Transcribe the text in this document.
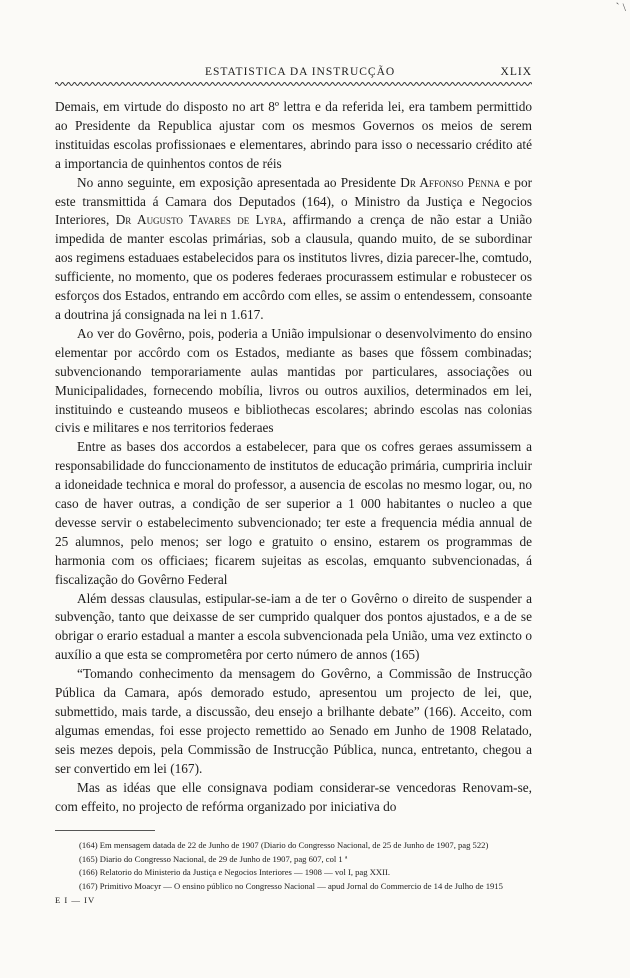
` \
ESTATISTICA DA INSTRUCÇÃO	XLIX

Demais, em virtude do disposto no art 8º lettra e da referida lei, era tambem permittido ao Presidente da Republica ajustar com os mesmos Governos os meios de serem instituidas escolas profissionaes e elementares, abrindo para isso o necessario crédito até a importancia de quinhentos contos de réis

No anno seguinte, em exposição apresentada ao Presidente Dr Affonso Penna e por este transmittida á Camara dos Deputados (164), o Ministro da Justiça e Negocios Interiores, Dr Augusto Tavares de Lyra, affirmando a crença de não estar a União impedida de manter escolas primárias, sob a clausula, quando muito, de se subordinar aos regimens estaduaes estabelecidos para os institutos livres, dizia parecer-lhe, comtudo, sufficiente, no momento, que os poderes federaes procurassem estimular e robustecer os esforços dos Estados, entrando em accôrdo com elles, se assim o entendessem, consoante a doutrina já consignada na lei n 1.617.

Ao ver do Govêrno, pois, poderia a União impulsionar o desenvolvimento do ensino elementar por accôrdo com os Estados, mediante as bases que fôssem combinadas; subvencionando temporariamente aulas mantidas por particulares, associações ou Municipalidades, fornecendo mobília, livros ou outros auxilios, determinados em lei, instituindo e custeando museos e bibliothecas escolares; abrindo escolas nas colonias civis e militares e nos territorios federaes

Entre as bases dos accordos a estabelecer, para que os cofres geraes assumissem a responsabilidade do funccionamento de institutos de educação primária, cumpriria incluir a idoneidade technica e moral do professor, a ausencia de escolas no mesmo logar, ou, no caso de haver outras, a condição de ser superior a 1 000 habitantes o nucleo a que devesse servir o estabelecimento subvencionado; ter este a frequencia média annual de 25 alumnos, pelo menos; ser logo e gratuito o ensino, estarem os programmas de harmonia com os officiaes; ficarem sujeitas as escolas, emquanto subvencionadas, á fiscalização do Govêrno Federal

Além dessas clausulas, estipular-se-iam a de ter o Govêrno o direito de suspender a subvenção, tanto que deixasse de ser cumprido qualquer dos pontos ajustados, e a de se obrigar o erario estadual a manter a escola subvencionada pela União, uma vez extincto o auxílio a que esta se comprometêra por certo número de annos (165)

“Tomando conhecimento da mensagem do Govêrno, a Commissão de Instrucção Pública da Camara, após demorado estudo, apresentou um projecto de lei, que, submettido, mais tarde, a discussão, deu ensejo a brilhante debate” (166). Acceito, com algumas emendas, foi esse projecto remettido ao Senado em Junho de 1908 Relatado, seis mezes depois, pela Commissão de Instrucção Pública, nunca, entretanto, chegou a ser convertido em lei (167).

Mas as idéas que elle consignava podiam considerar-se vencedoras Renovam-se, com effeito, no projecto de refórma organizado por iniciativa do

(164) Em mensagem datada de 22 de Junho de 1907 (Diario do Congresso Nacional, de 25 de Junho de 1907, pag 522)

(165) Diario do Congresso Nacional, de 29 de Junho de 1907, pag 607, col 1 ª

(166) Relatorio do Ministerio da Justiça e Negocios Interiores — 1908 — vol I, pag XXII.

(167) Primitivo Moacyr — O ensino público no Congresso Nacional — apud Jornal do Commercio de 14 de Julho de 1915

E I — IV
